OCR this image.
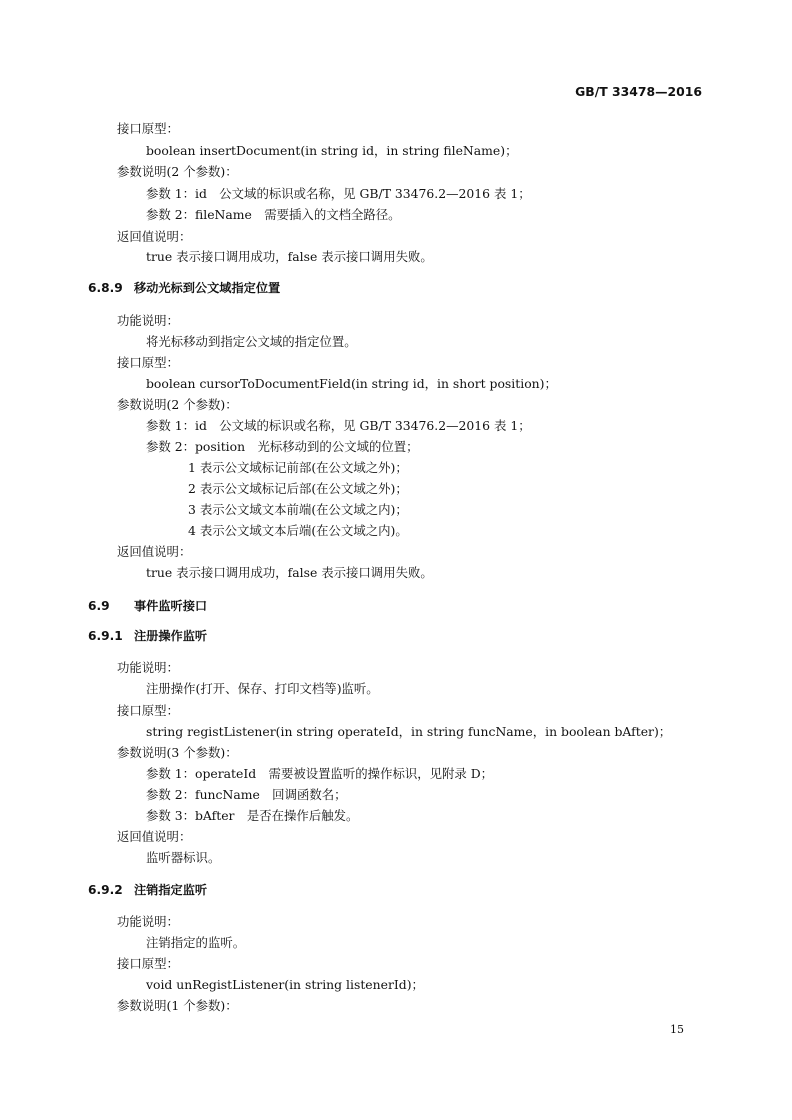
GB/T 33478—2016
接口原型：
boolean insertDocument(in string id，in string fileName)；
参数说明(2 个参数)：
参数 1：id　公文域的标识或名称，见 GB/T 33476.2—2016 表 1；
参数 2：fileName　需要插入的文档全路径。
返回值说明：
true 表示接口调用成功，false 表示接口调用失败。
6.8.9 移动光标到公文域指定位置
功能说明：
将光标移动到指定公文域的指定位置。
接口原型：
boolean cursorToDocumentField(in string id，in short position)；
参数说明(2 个参数)：
参数 1：id　公文域的标识或名称，见 GB/T 33476.2—2016 表 1；
参数 2：position　光标移动到的公文域的位置；
1 表示公文域标记前部(在公文域之外)；
2 表示公文域标记后部(在公文域之外)；
3 表示公文域文本前端(在公文域之内)；
4 表示公文域文本后端(在公文域之内)。
返回值说明：
true 表示接口调用成功，false 表示接口调用失败。
6.9 事件监听接口
6.9.1 注册操作监听
功能说明：
注册操作(打开、保存、打印文档等)监听。
接口原型：
string registListener(in string operateId，in string funcName，in boolean bAfter)；
参数说明(3 个参数)：
参数 1：operateId　需要被设置监听的操作标识，见附录 D；
参数 2：funcName　回调函数名；
参数 3：bAfter　是否在操作后触发。
返回值说明：
监听器标识。
6.9.2 注销指定监听
功能说明：
注销指定的监听。
接口原型：
void unRegistListener(in string listenerId)；
参数说明(1 个参数)：
15
